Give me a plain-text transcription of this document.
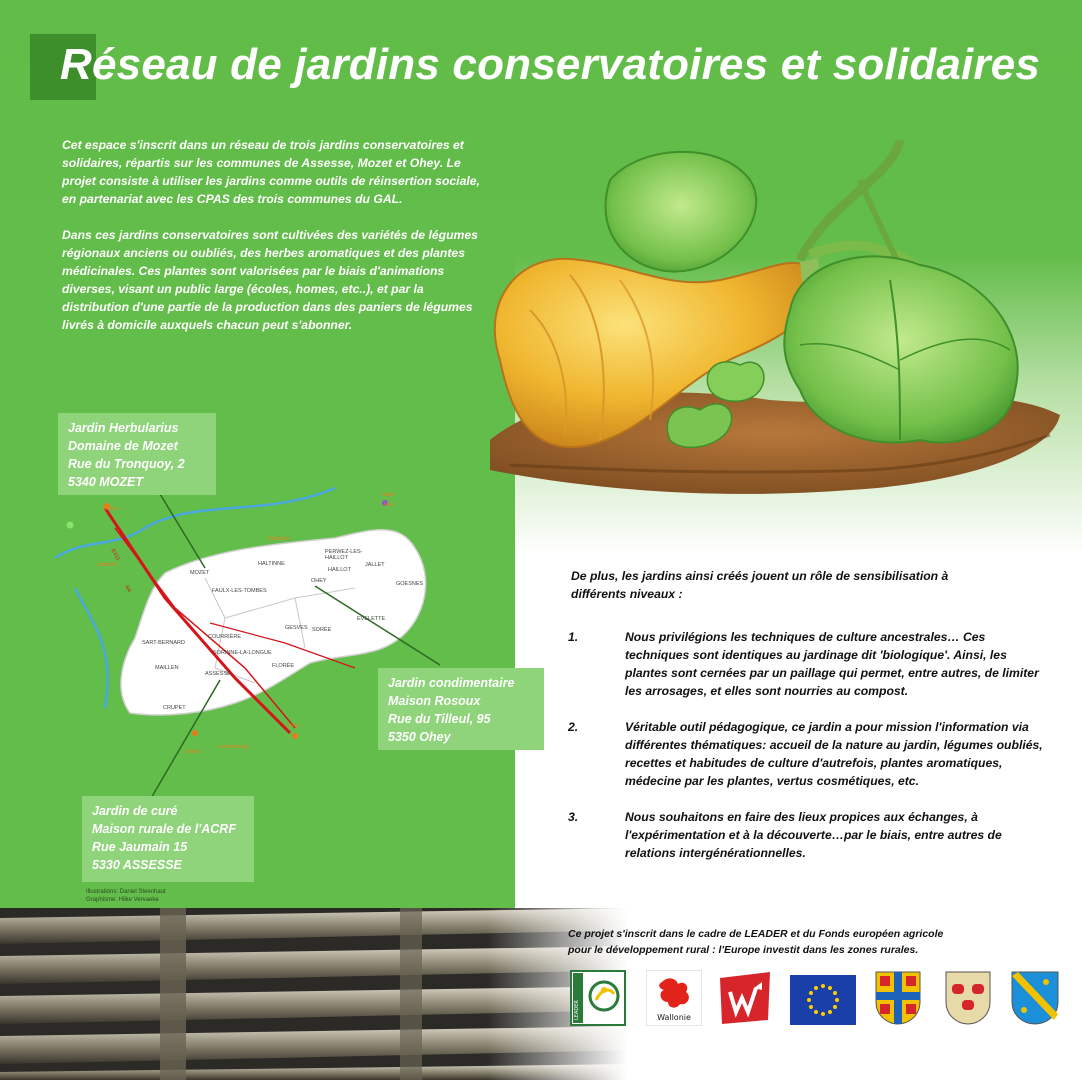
Réseau de jardins conservatoires et solidaires

Cet espace s'inscrit dans un réseau de trois jardins conservatoires et solidaires, répartis sur les communes de Assesse, Mozet et Ohey. Le projet consiste à utiliser les jardins comme outils de réinsertion sociale, en partenariat avec les CPAS des trois communes du GAL.

Dans ces jardins conservatoires sont cultivées des variétés de légumes régionaux anciens ou oubliés, des herbes aromatiques et des plantes médicinales. Ces plantes sont valorisées par le biais d'animations diverses, visant un public large (écoles, homes, etc..), et par la distribution d'une partie de la production dans des paniers de légumes livrés à domicile auxquels chacun peut s'abonner.

MOZET
HALTINNE
PERWEZ-LES-HAILLOT
HAILLOT
JALLET
OHEY	GOESNES
FAULX-LES-TOMBES
GESVES SORÉE
EVELETTE
SART-BERNARD
COURRIÈRE
SORINNE-LA-LONGUE
MAILLEN
ASSESSE
FLORÉE
CRUPET
Namur
Andenne
Liège
Huy
Ciney
Luxembourg
Dinant
Jambes
E411
N4
Jardin Herbularius
Domaine de Mozet
Rue du Tronquoy, 2
5340 MOZET
Jardin condimentaire
Maison Rosoux
Rue du Tilleul, 95
5350 Ohey
Jardin de curé
Maison rurale de l'ACRF
Rue Jaumain 15
5330 ASSESSE
Illustrations: Daniel Steenhaut
Graphisme: Hilke Vervaeke
De plus, les jardins ainsi créés jouent un rôle de sensibilisation à différents niveaux :
1.	Nous privilégions les techniques de culture ancestrales… Ces techniques sont identiques au jardinage dit 'biologique'. Ainsi, les plantes sont cernées par un paillage qui permet, entre autres, de limiter les arrosages, et elles sont nourries au compost.
2.	Véritable outil pédagogique, ce jardin a pour mission l'information via différentes thématiques: accueil de la nature au jardin, légumes oubliés, recettes et habitudes de culture d'autrefois, plantes aromatiques, médecine par les plantes, vertus cosmétiques, etc.
3.	Nous souhaitons en faire des lieux propices aux échanges, à l'expérimentation et à la découverte…par le biais, entre autres de relations intergénérationnelles.
Ce projet s'inscrit dans le cadre de LEADER et du Fonds européen agricole pour le développement rural : l'Europe investit dans les zones rurales.
LEADER	Wallonie
